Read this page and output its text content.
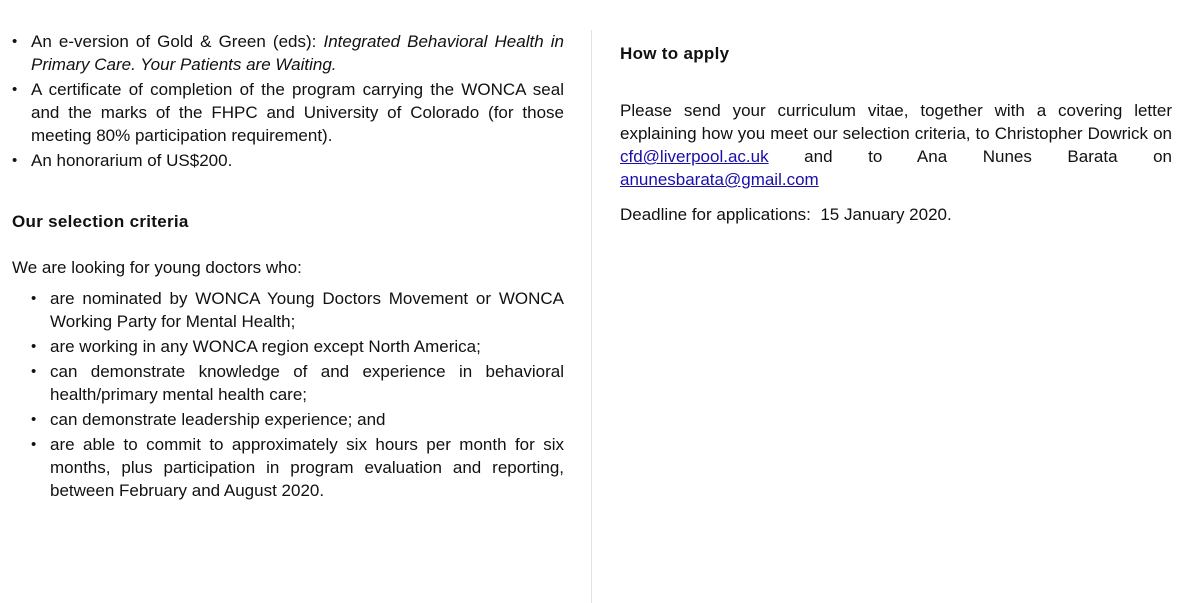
• An e-version of Gold & Green (eds): Integrated Behavioral Health in Primary Care. Your Patients are Waiting.
• A certificate of completion of the program carrying the WONCA seal and the marks of the FHPC and University of Colorado (for those meeting 80% participation requirement).
• An honorarium of US$200.
Our selection criteria

We are looking for young doctors who:

• are nominated by WONCA Young Doctors Movement or WONCA Working Party for Mental Health;
• are working in any WONCA region except North America;
• can demonstrate knowledge of and experience in behavioral health/primary mental health care;
• can demonstrate leadership experience; and
• are able to commit to approximately six hours per month for six months, plus participation in program evaluation and reporting, between February and August 2020.
How to apply

Please send your curriculum vitae, together with a covering letter explaining how you meet our selection criteria, to Christopher Dowrick on cfd@liverpool.ac.uk and to Ana Nunes Barata on anunesbarata@gmail.com

Deadline for applications:  15 January 2020.
